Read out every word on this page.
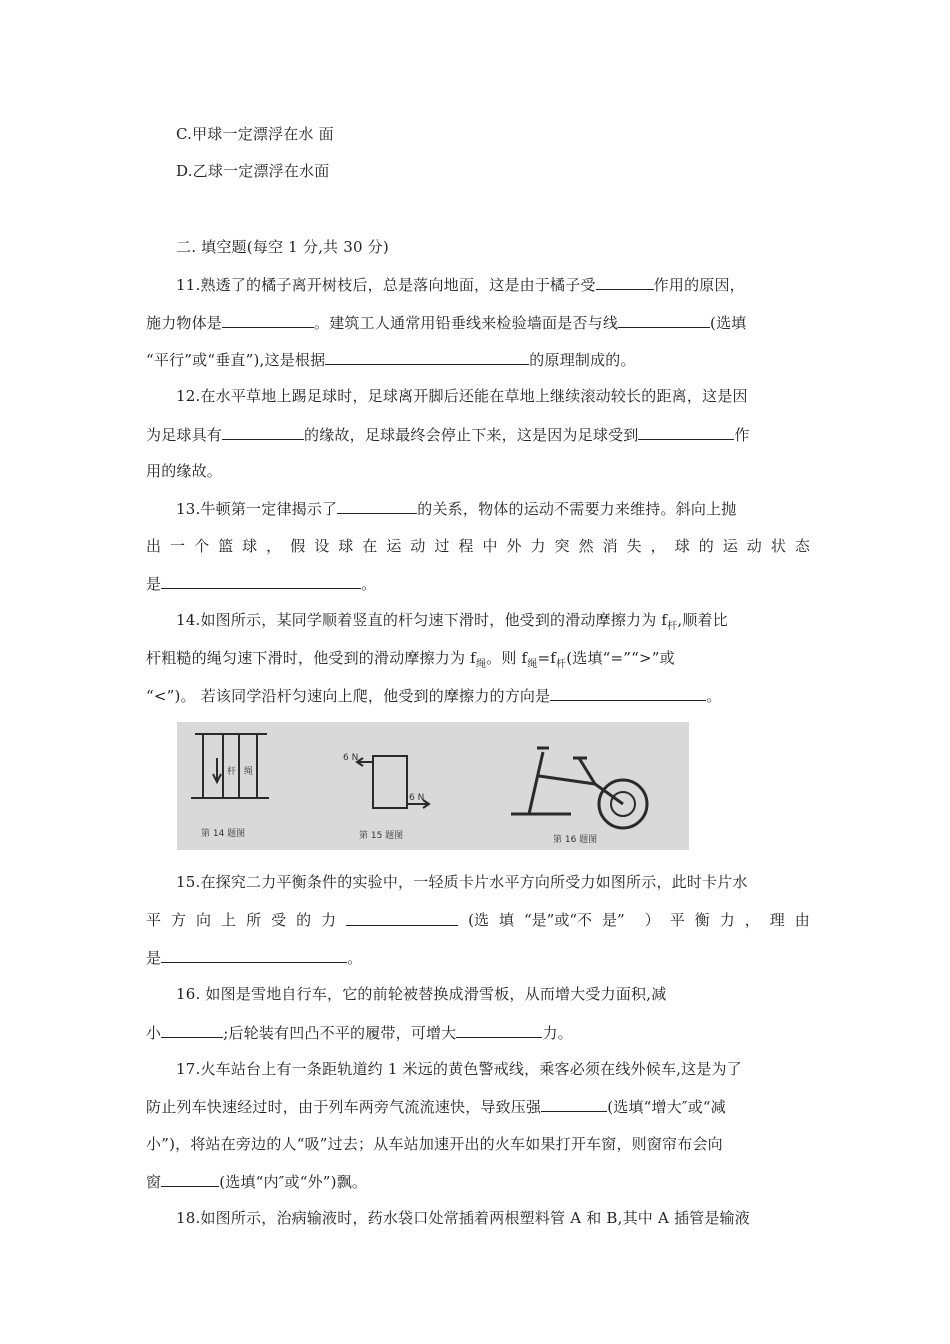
C.甲球一定漂浮在水 面
D.乙球一定漂浮在水面
二. 填空题(每空 1 分,共 30 分)
11.熟透了的橘子离开树枝后，总是落向地面，这是由于橘子受	作用的原因，
施力物体是	。建筑工人通常用铅垂线来检验墙面是否与线	(选填
“平行”或“垂直”),这是根据	的原理制成的。
12.在水平草地上踢足球时，足球离开脚后还能在草地上继续滚动较长的距离，这是因
为足球具有	的缘故，足球最终会停止下来，这是因为足球受到	作
用的缘故。
13.牛顿第一定律揭示了	的关系，物体的运动不需要力来维持。斜向上抛
出 一 个 篮 球 ， 假 设 球 在 运 动 过 程 中 外 力 突 然 消 失 ， 球 的 运 动 状 态
是	。
14.如图所示，某同学顺着竖直的杆匀速下滑时，他受到的滑动摩擦力为 $f_杆$,顺着比
杆粗糙的绳匀速下滑时，他受到的滑动摩擦力为 $f_绳$。则 $f_绳=f_杆$(选填“=”“>”或
“<”)。 若该同学沿杆匀速向上爬，他受到的摩擦力的方向是	。
杆 绳
第 14 题图
6 N
6 N
第 15 题图	第 16 题图
15.在探究二力平衡条件的实验中，一轻质卡片水平方向所受力如图所示，此时卡片水
平 方 向 上 所 受 的 力	(选 填 “是”或“不 是” ） 平 衡 力 ， 理 由
是	。
16. 如图是雪地自行车，它的前轮被替换成滑雪板，从而增大受力面积,减
小	;后轮装有凹凸不平的履带，可增大	力。
17.火车站台上有一条距轨道约 1 米远的黄色警戒线，乘客必须在线外候车,这是为了
防止列车快速经过时，由于列车两旁气流流速快，导致压强	(选填“增大″或“减
小”)，将站在旁边的人“吸”过去；从车站加速开出的火车如果打开车窗，则窗帘布会向
窗	(选填“内″或“外”)飘。
18.如图所示，治病输液时，药水袋口处常插着两根塑料管 A 和 B,其中 A 插管是输液
